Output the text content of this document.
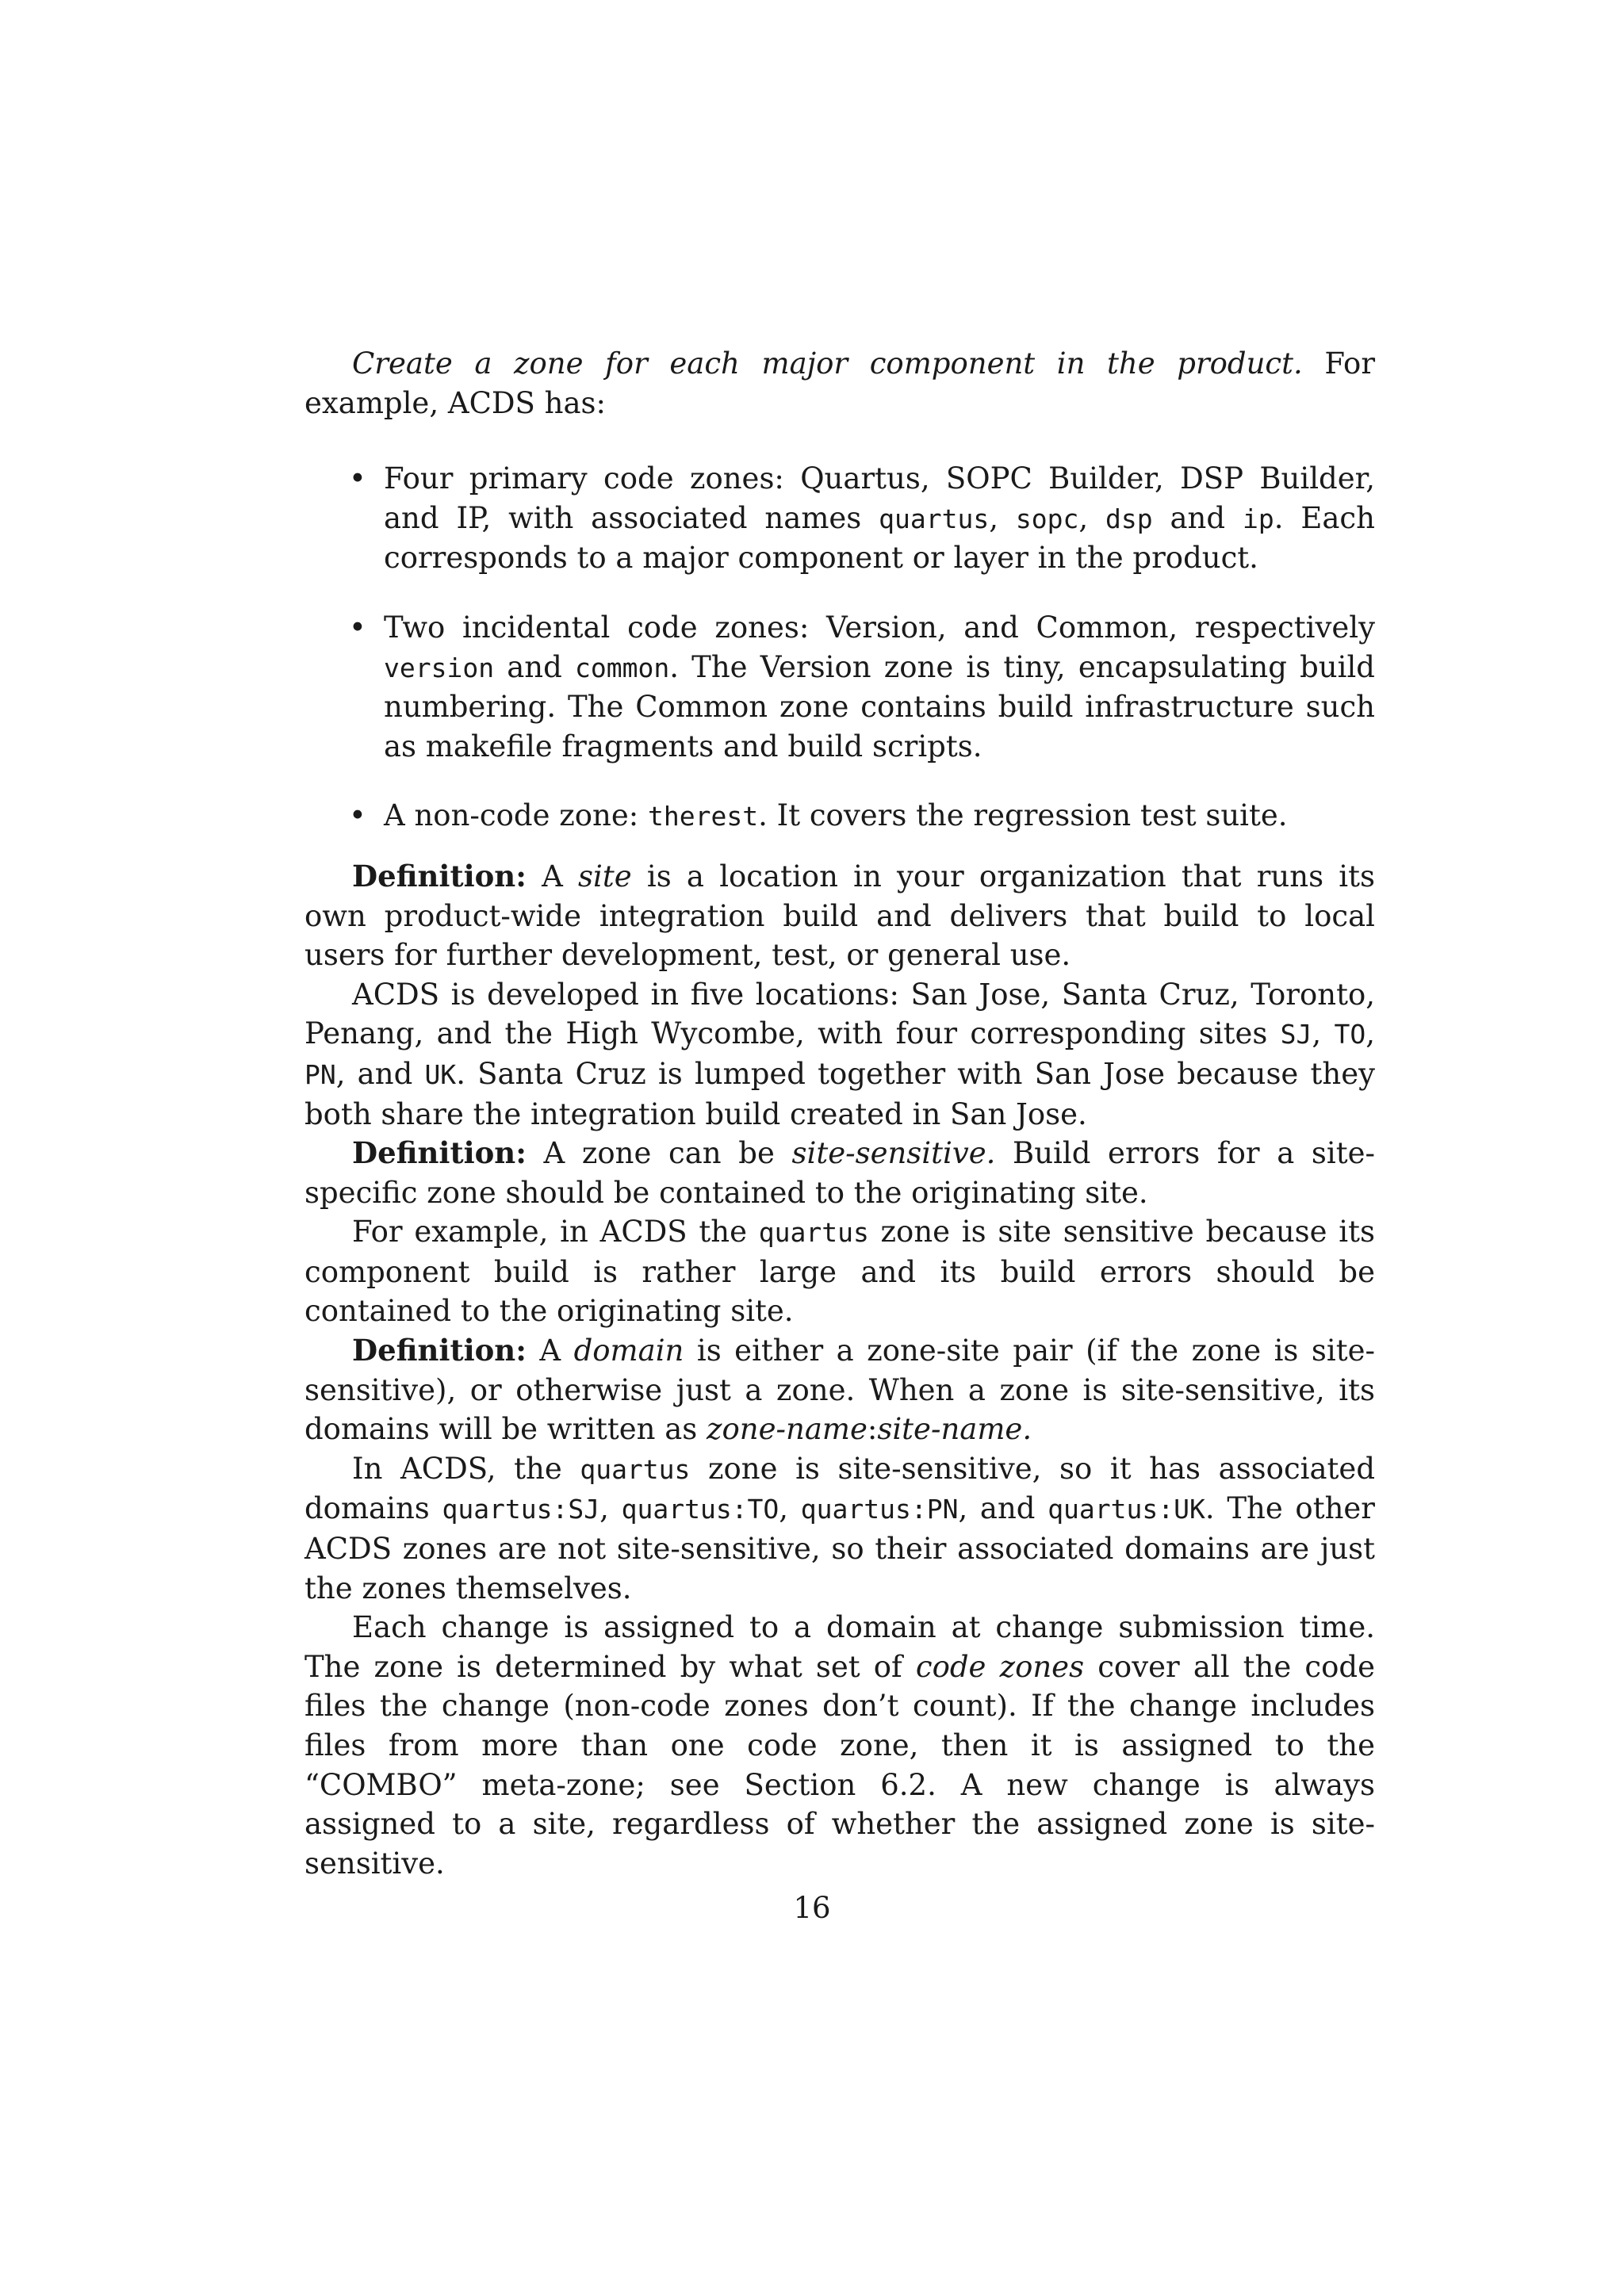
Create a zone for each major component in the product. For example, ACDS has:

• Four primary code zones: Quartus, SOPC Builder, DSP Builder, and IP, with associated names quartus, sopc, dsp and ip. Each corresponds to a major component or layer in the product.
• Two incidental code zones: Version, and Common, respectively version and common. The Version zone is tiny, encapsulating build numbering. The Common zone contains build infrastructure such as makefile fragments and build scripts.
• A non-code zone: therest. It covers the regression test suite.

Definition: A site is a location in your organization that runs its own product-wide integration build and delivers that build to local users for further development, test, or general use.

ACDS is developed in five locations: San Jose, Santa Cruz, Toronto, Penang, and the High Wycombe, with four corresponding sites SJ, TO, PN, and UK. Santa Cruz is lumped together with San Jose because they both share the integration build created in San Jose.

Definition: A zone can be site-sensitive. Build errors for a site-specific zone should be contained to the originating site.

For example, in ACDS the quartus zone is site sensitive because its component build is rather large and its build errors should be contained to the originating site.

Definition: A domain is either a zone-site pair (if the zone is site-sensitive), or otherwise just a zone. When a zone is site-sensitive, its domains will be written as zone-name:site-name.

In ACDS, the quartus zone is site-sensitive, so it has associated domains quartus:SJ, quartus:TO, quartus:PN, and quartus:UK. The other ACDS zones are not site-sensitive, so their associated domains are just the zones themselves.

Each change is assigned to a domain at change submission time. The zone is determined by what set of code zones cover all the code files the change (non-code zones don’t count). If the change includes files from more than one code zone, then it is assigned to the “COMBO” meta-zone; see Section 6.2. A new change is always assigned to a site, regardless of whether the assigned zone is site-sensitive.

16
